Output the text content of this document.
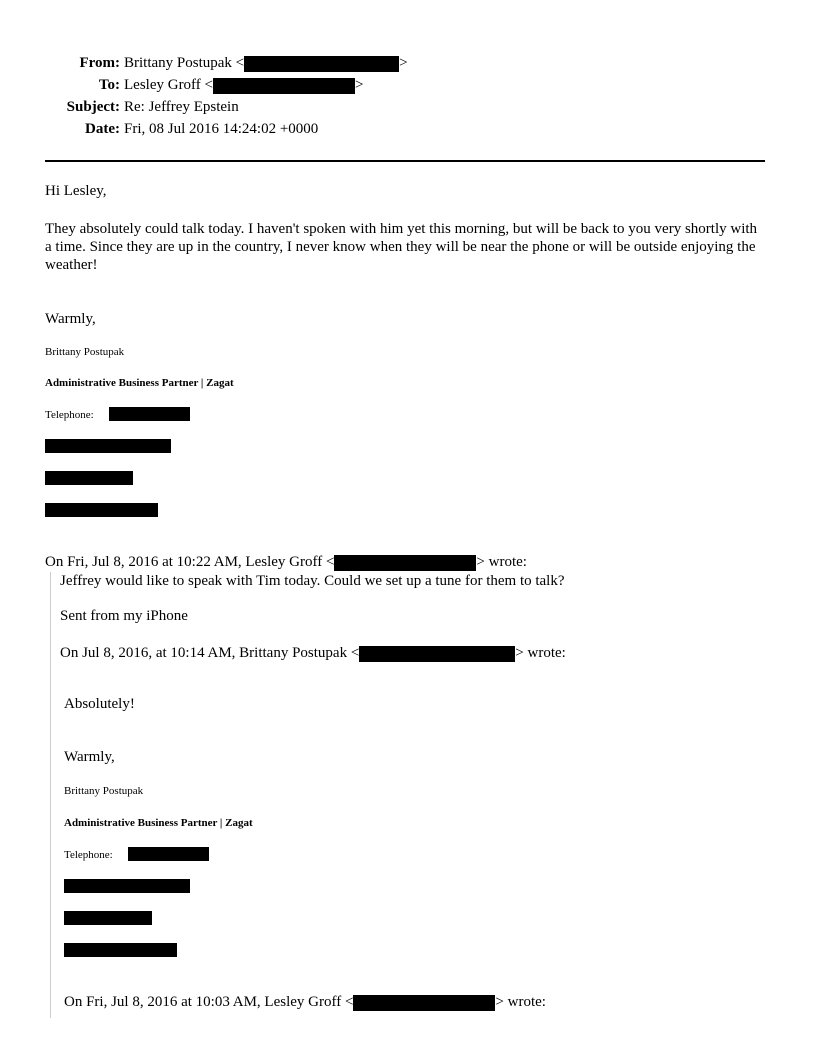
From: Brittany Postupak <	>
To: Lesley Groff <	>
Subject: Re: Jeffrey Epstein
Date: Fri, 08 Jul 2016 14:24:02 +0000
Hi Lesley,
They absolutely could talk today. I haven't spoken with him yet this morning, but will be back to you very shortly with a time. Since they are up in the country, I never know when they will be near the phone or will be outside enjoying the weather!
Warmly,
Brittany Postupak
Administrative Business Partner | Zagat
Telephone:
On Fri, Jul 8, 2016 at 10:22 AM, Lesley Groff <	> wrote:
Jeffrey would like to speak with Tim today. Could we set up a tune for them to talk?
Sent from my iPhone
On Jul 8, 2016, at 10:14 AM, Brittany Postupak <	> wrote:
Absolutely!
Warmly,
Brittany Postupak
Administrative Business Partner | Zagat
Telephone:
On Fri, Jul 8, 2016 at 10:03 AM, Lesley Groff <	> wrote:
